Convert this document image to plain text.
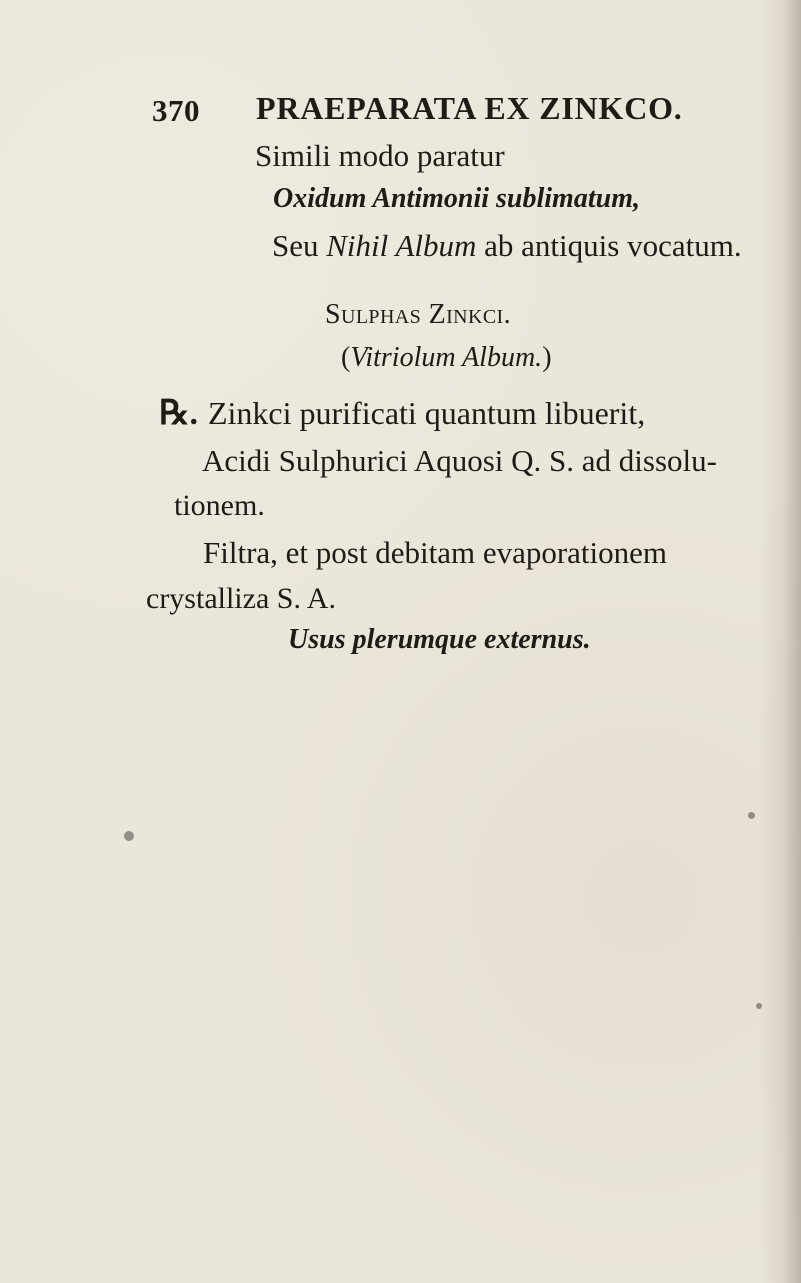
370 PRAEPARATA EX ZINKCO.
Simili modo paratur
Oxidum Antimonii sublimatum,
Seu Nihil Album ab antiquis vocatum.
Sulphas Zinkci.
(Vitriolum Album.)
℞. Zinkci purificati quantum libuerit,
Acidi Sulphurici Aquosi Q. S. ad dissolu-
tionem.
Filtra, et post debitam evaporationem
crystalliza S. A.
Usus plerumque externus.
